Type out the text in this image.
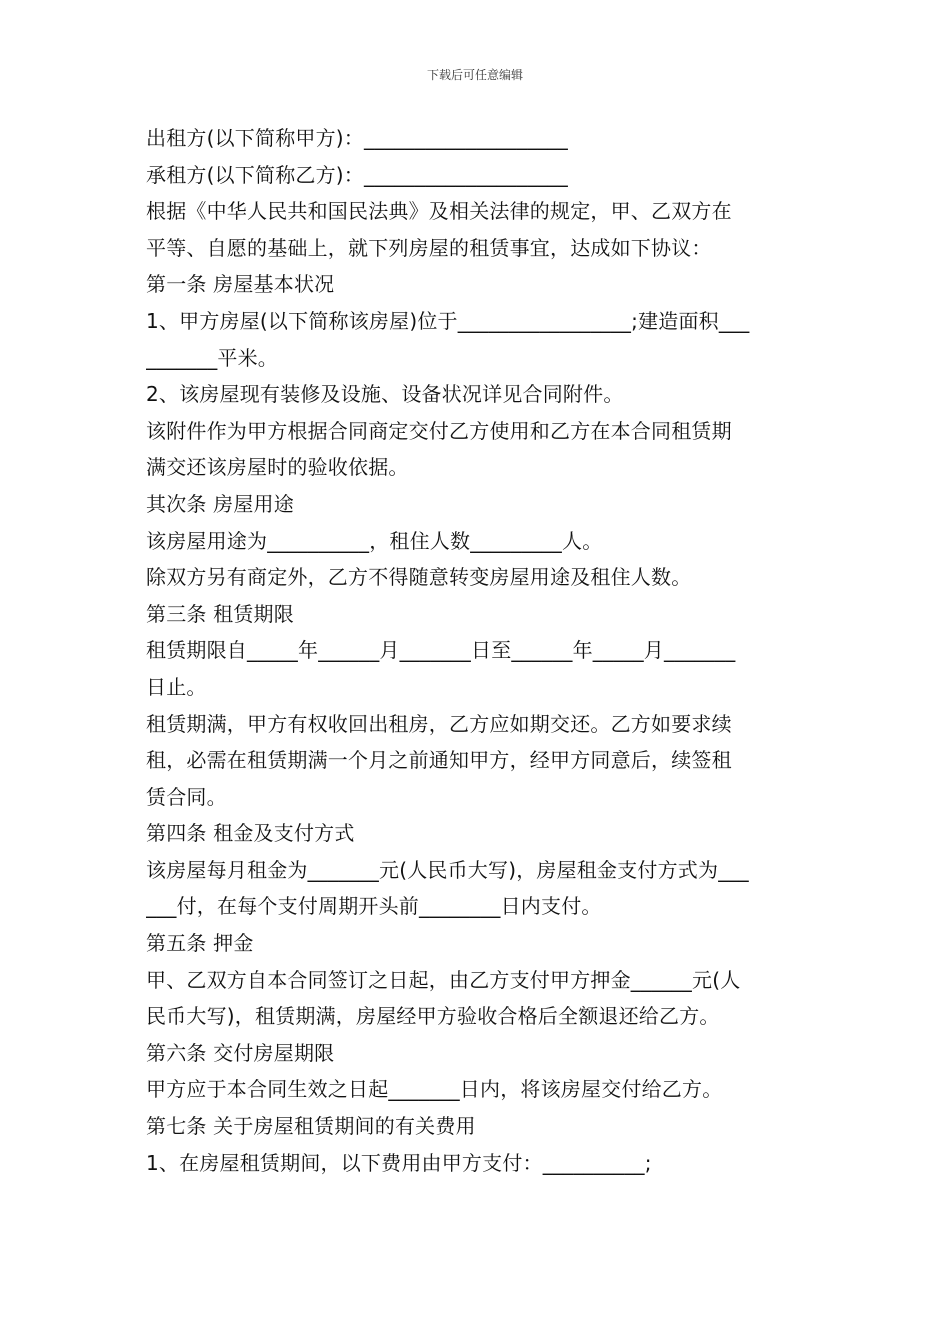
下载后可任意编辑
出租方(以下简称甲方)：____________________
承租方(以下简称乙方)：____________________
根据《中华人民共和国民法典》及相关法律的规定，甲、乙双方在
平等、自愿的基础上，就下列房屋的租赁事宜，达成如下协议：
第一条 房屋基本状况
1、甲方房屋(以下简称该房屋)位于_________________;建造面积___
_______平米。
2、该房屋现有装修及设施、设备状况详见合同附件。
该附件作为甲方根据合同商定交付乙方使用和乙方在本合同租赁期
满交还该房屋时的验收依据。
其次条 房屋用途
该房屋用途为__________，租住人数_________人。
除双方另有商定外，乙方不得随意转变房屋用途及租住人数。
第三条 租赁期限
租赁期限自_____年______月_______日至______年_____月_______
日止。
租赁期满，甲方有权收回出租房，乙方应如期交还。乙方如要求续
租，必需在租赁期满一个月之前通知甲方，经甲方同意后，续签租
赁合同。
第四条 租金及支付方式
该房屋每月租金为_______元(人民币大写)，房屋租金支付方式为___
___付，在每个支付周期开头前________日内支付。
第五条 押金
甲、乙双方自本合同签订之日起，由乙方支付甲方押金______元(人
民币大写)，租赁期满，房屋经甲方验收合格后全额退还给乙方。
第六条 交付房屋期限
甲方应于本合同生效之日起_______日内，将该房屋交付给乙方。
第七条 关于房屋租赁期间的有关费用
1、在房屋租赁期间，以下费用由甲方支付：__________;
